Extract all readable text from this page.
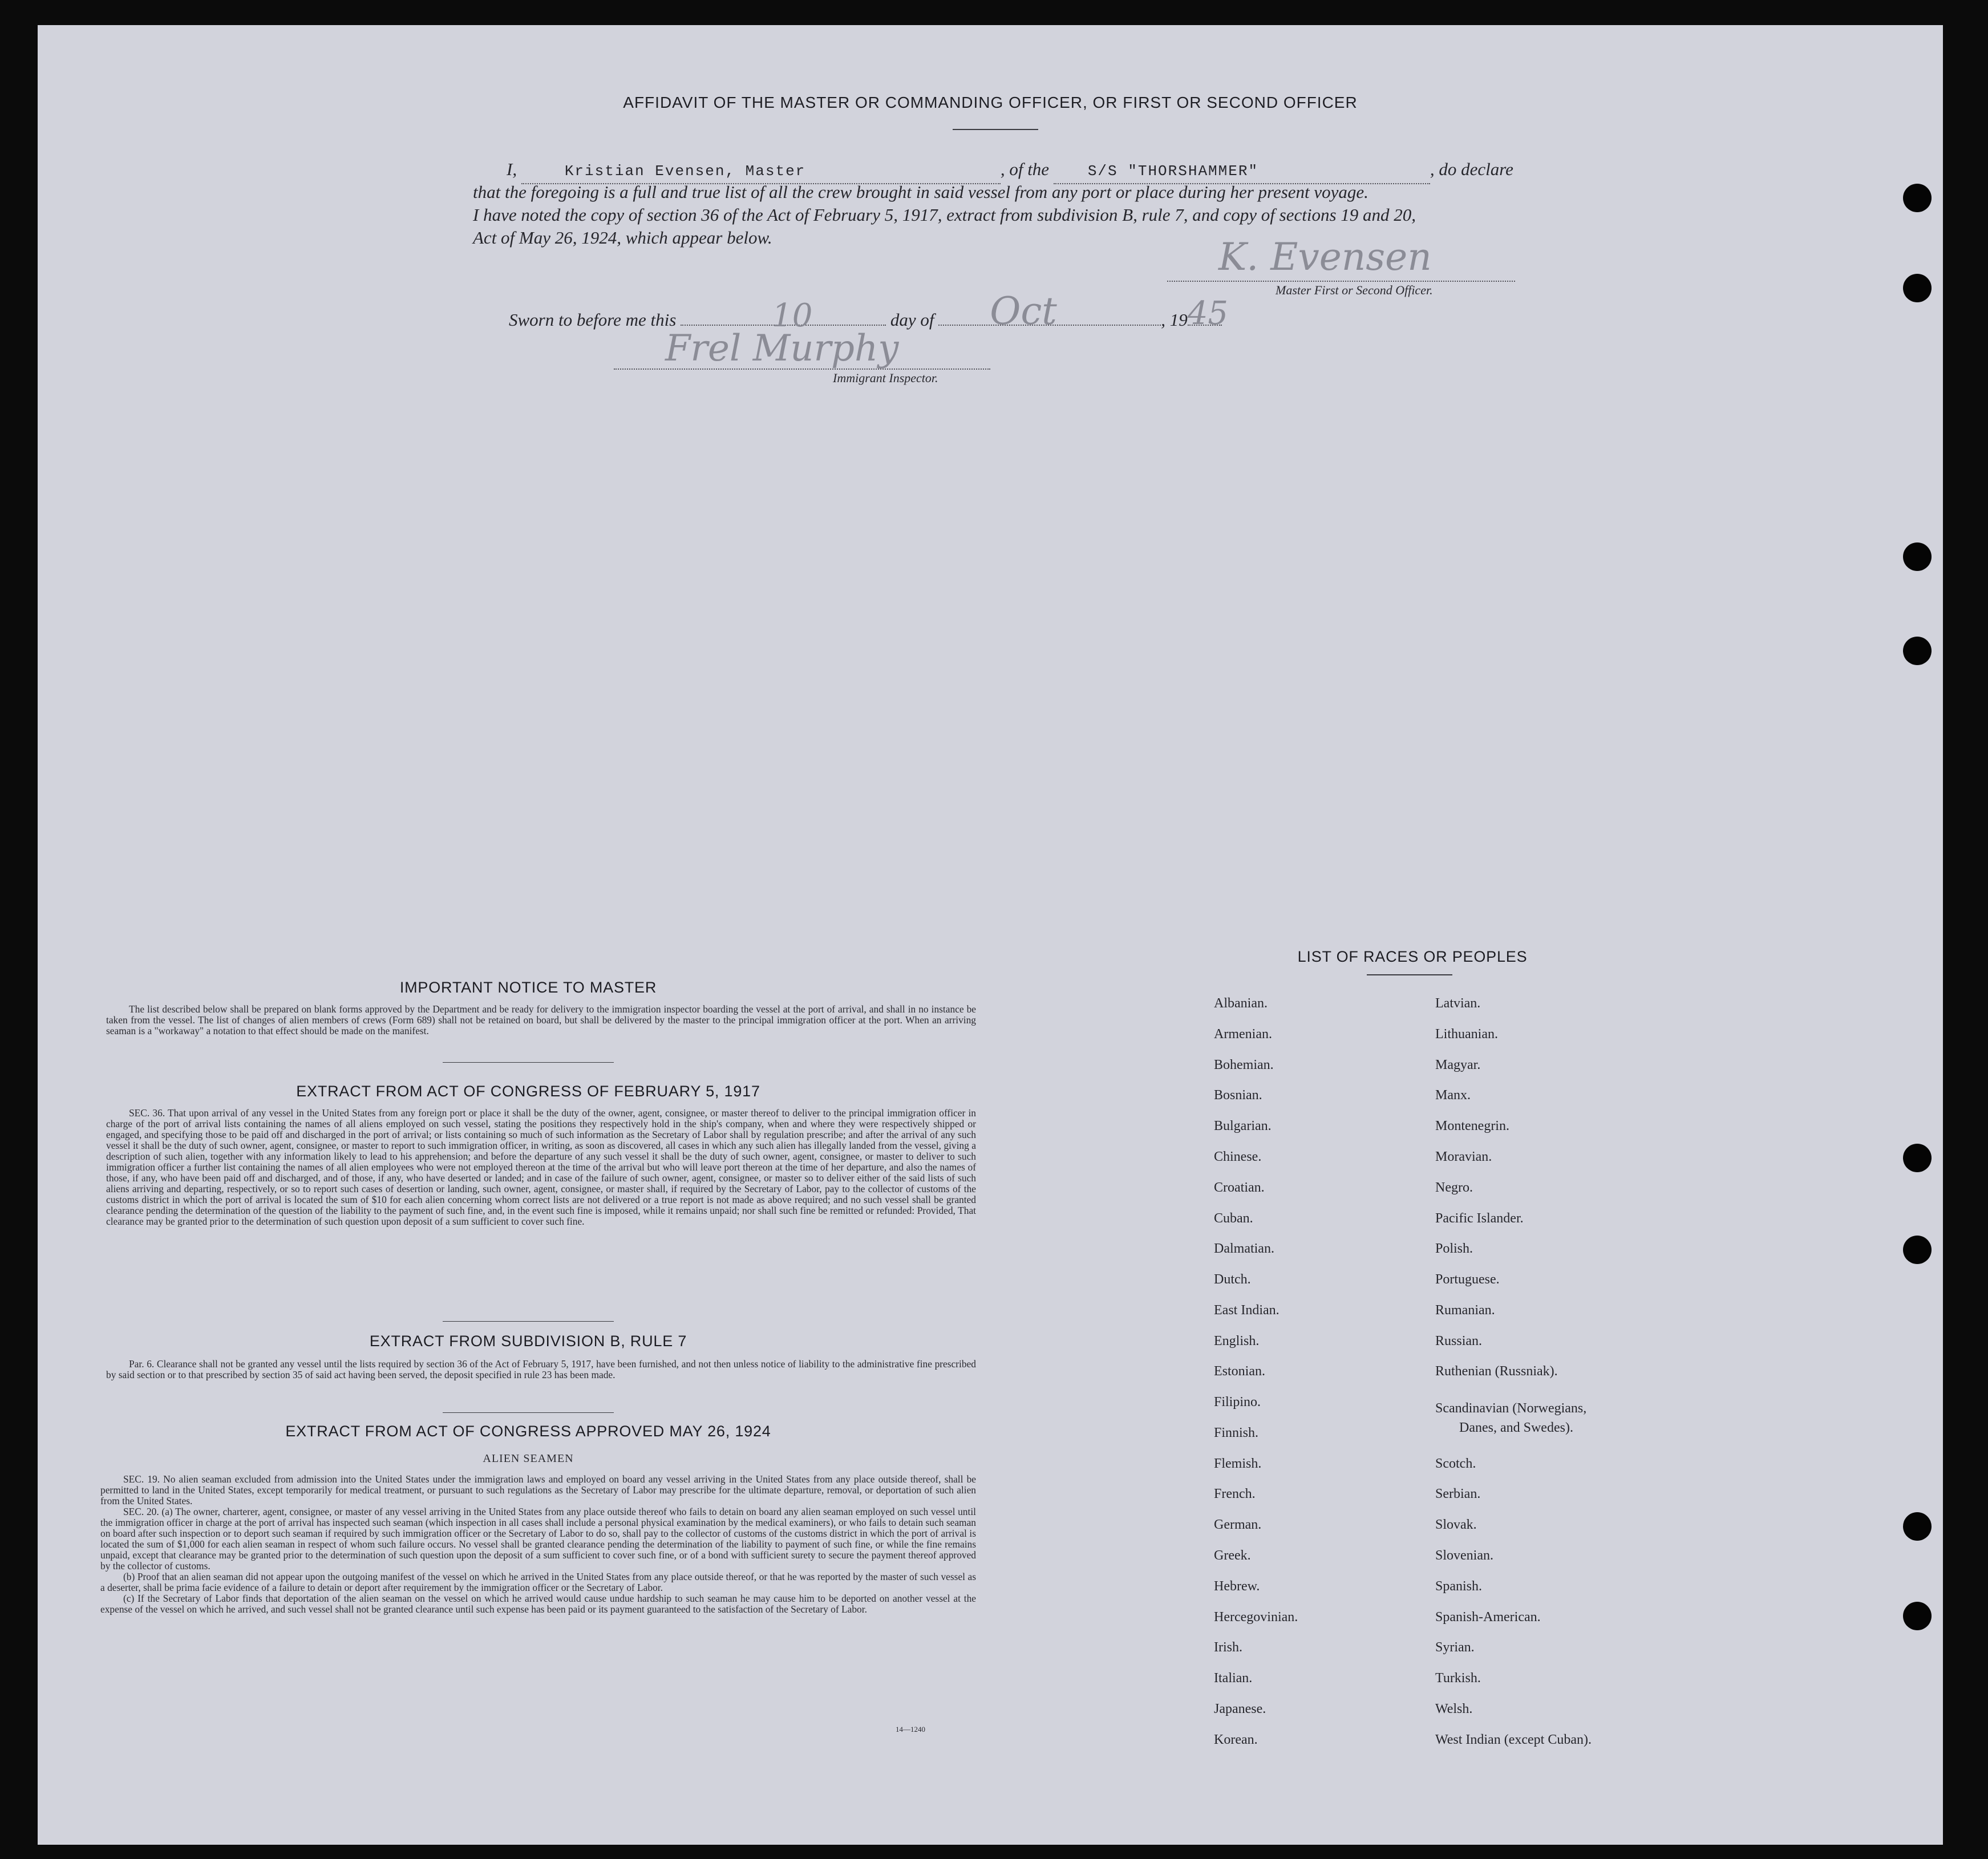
AFFIDAVIT OF THE MASTER OR COMMANDING OFFICER, OR FIRST OR SECOND OFFICER
I,	Kristian Evensen, Master	, of the	S/S "THORSHAMMER"	, do declare
that the foregoing is a full and true list of all the crew brought in said vessel from any port or place during her present voyage.
I have noted the copy of section 36 of the Act of February 5, 1917, extract from subdivision B, rule 7, and copy of sections 19 and 20,
Act of May 26, 1924, which appear below.	K. Evensen
Master First or Second Officer.
Sworn to before me this	10	day of Oct	, 19 45
Frel Murphy
Immigrant Inspector.
IMPORTANT NOTICE TO MASTER
The list described below shall be prepared on blank forms approved by the Department and be ready for delivery to the immigration inspector boarding the vessel at the port of arrival, and shall in no instance be taken from the vessel. The list of changes of alien members of crews (Form 689) shall not be retained on board, but shall be delivered by the master to the principal immigration officer at the port. When an arriving seaman is a "workaway" a notation to that effect should be made on the manifest.
EXTRACT FROM ACT OF CONGRESS OF FEBRUARY 5, 1917
SEC. 36. That upon arrival of any vessel in the United States from any foreign port or place it shall be the duty of the owner, agent, consignee, or master thereof to deliver to the principal immigration officer in charge of the port of arrival lists containing the names of all aliens employed on such vessel, stating the positions they respectively hold in the ship's company, when and where they were respectively shipped or engaged, and specifying those to be paid off and discharged in the port of arrival; or lists containing so much of such information as the Secretary of Labor shall by regulation prescribe; and after the arrival of any such vessel it shall be the duty of such owner, agent, consignee, or master to report to such immigration officer, in writing, as soon as discovered, all cases in which any such alien has illegally landed from the vessel, giving a description of such alien, together with any information likely to lead to his apprehension; and before the departure of any such vessel it shall be the duty of such owner, agent, consignee, or master to deliver to such immigration officer a further list containing the names of all alien employees who were not employed thereon at the time of the arrival but who will leave port thereon at the time of her departure, and also the names of those, if any, who have been paid off and discharged, and of those, if any, who have deserted or landed; and in case of the failure of such owner, agent, consignee, or master so to deliver either of the said lists of such aliens arriving and departing, respectively, or so to report such cases of desertion or landing, such owner, agent, consignee, or master shall, if required by the Secretary of Labor, pay to the collector of customs of the customs district in which the port of arrival is located the sum of $10 for each alien concerning whom correct lists are not delivered or a true report is not made as above required; and no such vessel shall be granted clearance pending the determination of the question of the liability to the payment of such fine, and, in the event such fine is imposed, while it remains unpaid; nor shall such fine be remitted or refunded: Provided, That clearance may be granted prior to the determination of such question upon deposit of a sum sufficient to cover such fine.
EXTRACT FROM SUBDIVISION B, RULE 7
Par. 6. Clearance shall not be granted any vessel until the lists required by section 36 of the Act of February 5, 1917, have been furnished, and not then unless notice of liability to the administrative fine prescribed by said section or to that prescribed by section 35 of said act having been served, the deposit specified in rule 23 has been made.
EXTRACT FROM ACT OF CONGRESS APPROVED MAY 26, 1924
ALIEN SEAMEN

SEC. 19. No alien seaman excluded from admission into the United States under the immigration laws and employed on board any vessel arriving in the United States from any place outside thereof, shall be permitted to land in the United States, except temporarily for medical treatment, or pursuant to such regulations as the Secretary of Labor may prescribe for the ultimate departure, removal, or deportation of such alien from the United States.

SEC. 20. (a) The owner, charterer, agent, consignee, or master of any vessel arriving in the United States from any place outside thereof who fails to detain on board any alien seaman employed on such vessel until the immigration officer in charge at the port of arrival has inspected such seaman (which inspection in all cases shall include a personal physical examination by the medical examiners), or who fails to detain such seaman on board after such inspection or to deport such seaman if required by such immigration officer or the Secretary of Labor to do so, shall pay to the collector of customs of the customs district in which the port of arrival is located the sum of $1,000 for each alien seaman in respect of whom such failure occurs. No vessel shall be granted clearance pending the determination of the liability to payment of such fine, or while the fine remains unpaid, except that clearance may be granted prior to the determination of such question upon the deposit of a sum sufficient to cover such fine, or of a bond with sufficient surety to secure the payment thereof approved by the collector of customs.

(b) Proof that an alien seaman did not appear upon the outgoing manifest of the vessel on which he arrived in the United States from any place outside thereof, or that he was reported by the master of such vessel as a deserter, shall be prima facie evidence of a failure to detain or deport after requirement by the immigration officer or the Secretary of Labor.

(c) If the Secretary of Labor finds that deportation of the alien seaman on the vessel on which he arrived would cause undue hardship to such seaman he may cause him to be deported on another vessel at the expense of the vessel on which he arrived, and such vessel shall not be granted clearance until such expense has been paid or its payment guaranteed to the satisfaction of the Secretary of Labor.

14—1240
LIST OF RACES OR PEOPLES
Albanian.
Armenian.
Bohemian.
Bosnian.
Bulgarian.
Chinese.
Croatian.
Cuban.
Dalmatian.
Dutch.
East Indian.
English.
Estonian.
Filipino.
Finnish.
Flemish.
French.
German.
Greek.
Hebrew.
Hercegovinian.
Irish.
Italian.
Japanese.
Korean.
Latvian.
Lithuanian.
Magyar.
Manx.
Montenegrin.
Moravian.
Negro.
Pacific Islander.
Polish.
Portuguese.
Rumanian.
Russian.
Ruthenian (Russniak).
Scandinavian (Norwegians,
Danes, and Swedes).
Scotch.
Serbian.
Slovak.
Slovenian.
Spanish.
Spanish-American.
Syrian.
Turkish.
Welsh.
West Indian (except Cuban).
